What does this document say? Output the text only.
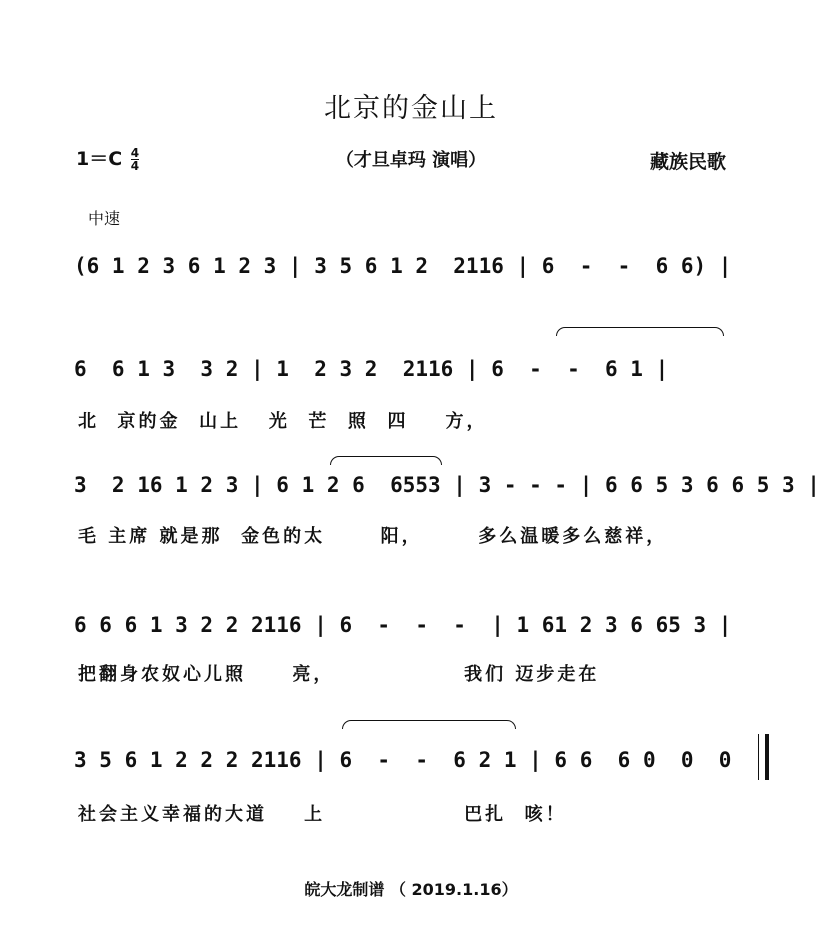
北京的金山上
$1=C \frac{4}{4}$	（才旦卓玛 演唱）	藏族民歌
中速
(6 1 2 3 6 1 2 3 | 3 5 6 1 2  2116 | 6  -  -  6 6) |
6  6 1 3  3 2 | 1  2 3 2  2116 | 6  -  -  6 1 |
北  京的金  山上   光  芒  照  四    方，
3  2 16 1 2 3 | 6 1 2 6  6553 | 3 - - - | 6 6 5 3 6 6 5 3 |
毛 主席 就是那  金色的太      阳，      多么温暖多么慈祥，
6 6 6 1 3 2 2 2116 | 6  -  -  -  | 1 61 2 3 6 65 3 |
把翻身农奴心儿照     亮，              我们 迈步走在
3 5 6 1 2 2 2 2116 | 6  -  -  6 2 1 | 6 6  6 0  0  0
社会主义幸福的大道    上               巴扎  咳！
皖大龙制谱 （ 2019.1.16）
